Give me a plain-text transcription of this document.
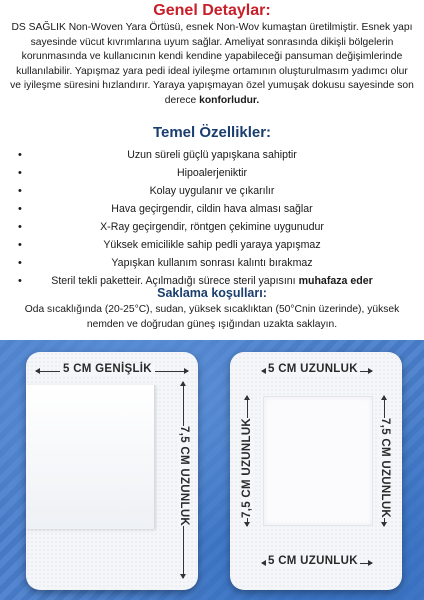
Genel Detaylar:

DS SAĞLIK Non-Woven Yara Örtüsü, esnek Non-Wov kumaştan üretilmiştir. Esnek yapı sayesinde vücut kıvrımlarına uyum sağlar. Ameliyat sonrasında dikişli bölgelerin korunmasında ve kullanıcının kendi kendine yapabileceği pansuman değişimlerinde kullanılabilir. Yapışmaz yara pedi ideal iyileşme ortamının oluşturulmasım yadımcı olur ve iyileşme süresini hızlandırır. Yaraya yapışmayan özel yumuşak dokusu sayesinde son derece konforludur.

Temel Özellikler:
•	Uzun süreli güçlü yapışkana sahiptir
•	Hipoalerjeniktir
•	Kolay uygulanır ve çıkarılır
•	Hava geçirgendir, cildin hava alması sağlar
•	X-Ray geçirgendir, röntgen çekimine uygunudur
•	Yüksek emicilikle sahip pedli yaraya yapışmaz
•	Yapışkan kullanım sonrası kalıntı bırakmaz
•	Steril tekli paketteir. Açılmadığı sürece steril yapısını muhafaza eder
Saklama koşulları:

Oda sıcaklığında (20-25°C), sudan, yüksek sıcaklıktan (50°Cnin üzerinde), yüksek nemden ve doğrudan güneş ışığından uzakta saklayın.

5 CM GENİŞLİK
7,5 CM UZUNLUK
5 CM UZUNLUK
7,5 CM UZUNLUK	7,5 CM UZUNLUK
5 CM UZUNLUK
